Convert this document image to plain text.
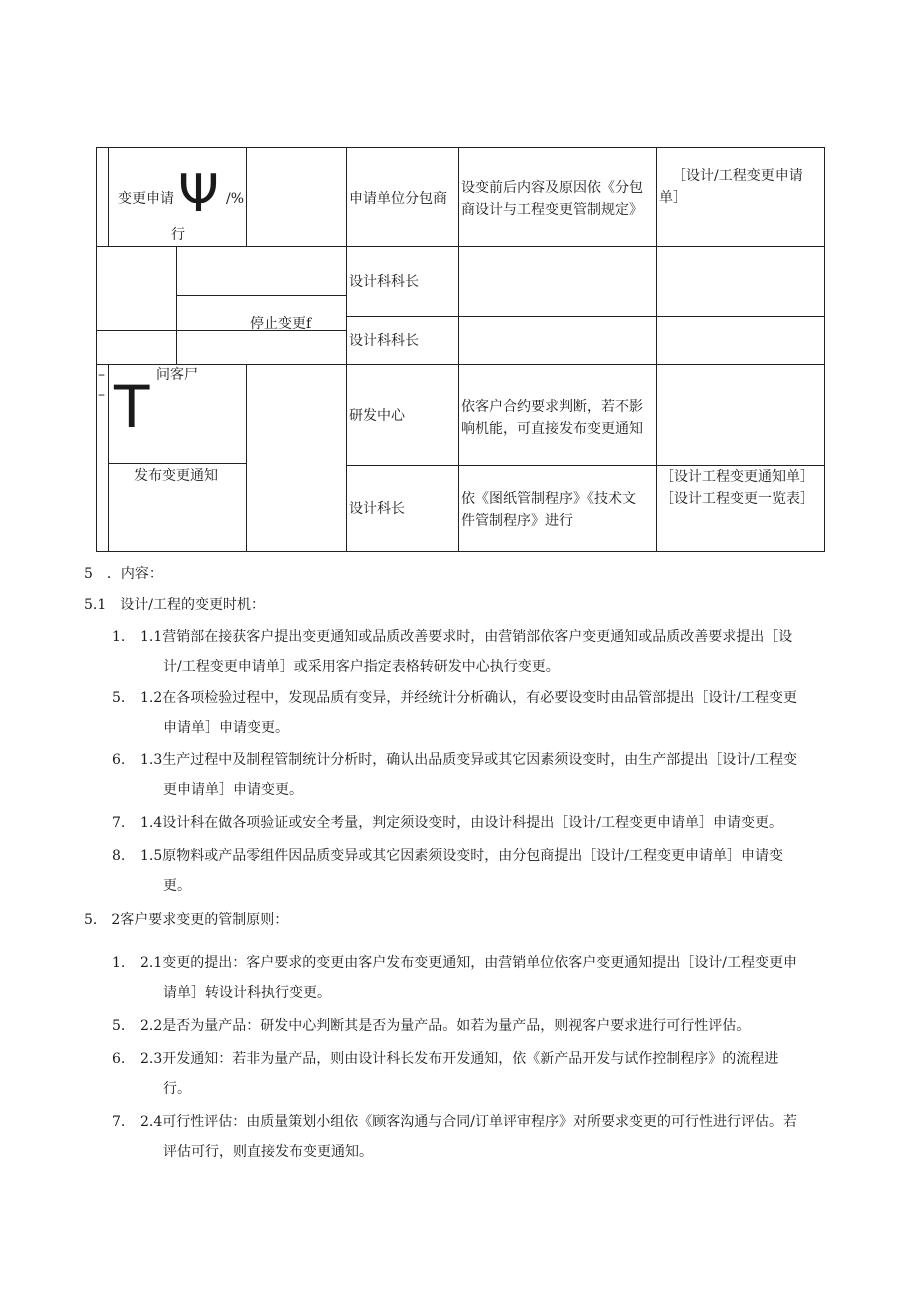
变更申请 Ψ /%
行
申请单位分包商
设变前后内容及原因依《分包
商设计与工程变更管制规定》
［设计/工程变更申请
单］
设计科科长
停止变更f
设计科科长
–
– T 问客尸
研发中心
依客户合约要求判断，若不影
响机能，可直接发布变更通知
发布变更通知
设计科长
依《图纸管制程序》《技术文
件管制程序》进行
［设计工程变更通知单］
［设计工程变更一览表］
5　．内容：
5.1　设计/工程的变更时机：
1. 1.1营销部在接获客户提出变更通知或品质改善要求时，由营销部依客户变更通知或品质改善要求提出［设
计/工程变更申请单］或采用客户指定表格转研发中心执行变更。
5. 1.2在各项检验过程中，发现品质有变异，并经统计分析确认，有必要设变时由品管部提出［设计/工程变更
申请单］申请变更。
6. 1.3生产过程中及制程管制统计分析时，确认出品质变异或其它因素须设变时，由生产部提出［设计/工程变
更申请单］申请变更。
7. 1.4设计科在做各项验证或安全考量，判定须设变时，由设计科提出［设计/工程变更申请单］申请变更。
8. 1.5原物料或产品零组件因品质变异或其它因素须设变时，由分包商提出［设计/工程变更申请单］申请变
更。
5.　2客户要求变更的管制原则：
1. 2.1变更的提出：客户要求的变更由客户发布变更通知，由营销单位依客户变更通知提出［设计/工程变更申
请单］转设计科执行变更。
5. 2.2是否为量产品：研发中心判断其是否为量产品。如若为量产品，则视客户要求进行可行性评估。
6. 2.3开发通知：若非为量产品，则由设计科长发布开发通知，依《新产品开发与试作控制程序》的流程进
行。
7. 2.4可行性评估：由质量策划小组依《顾客沟通与合同/订单评审程序》对所要求变更的可行性进行评估。若
评估可行，则直接发布变更通知。
